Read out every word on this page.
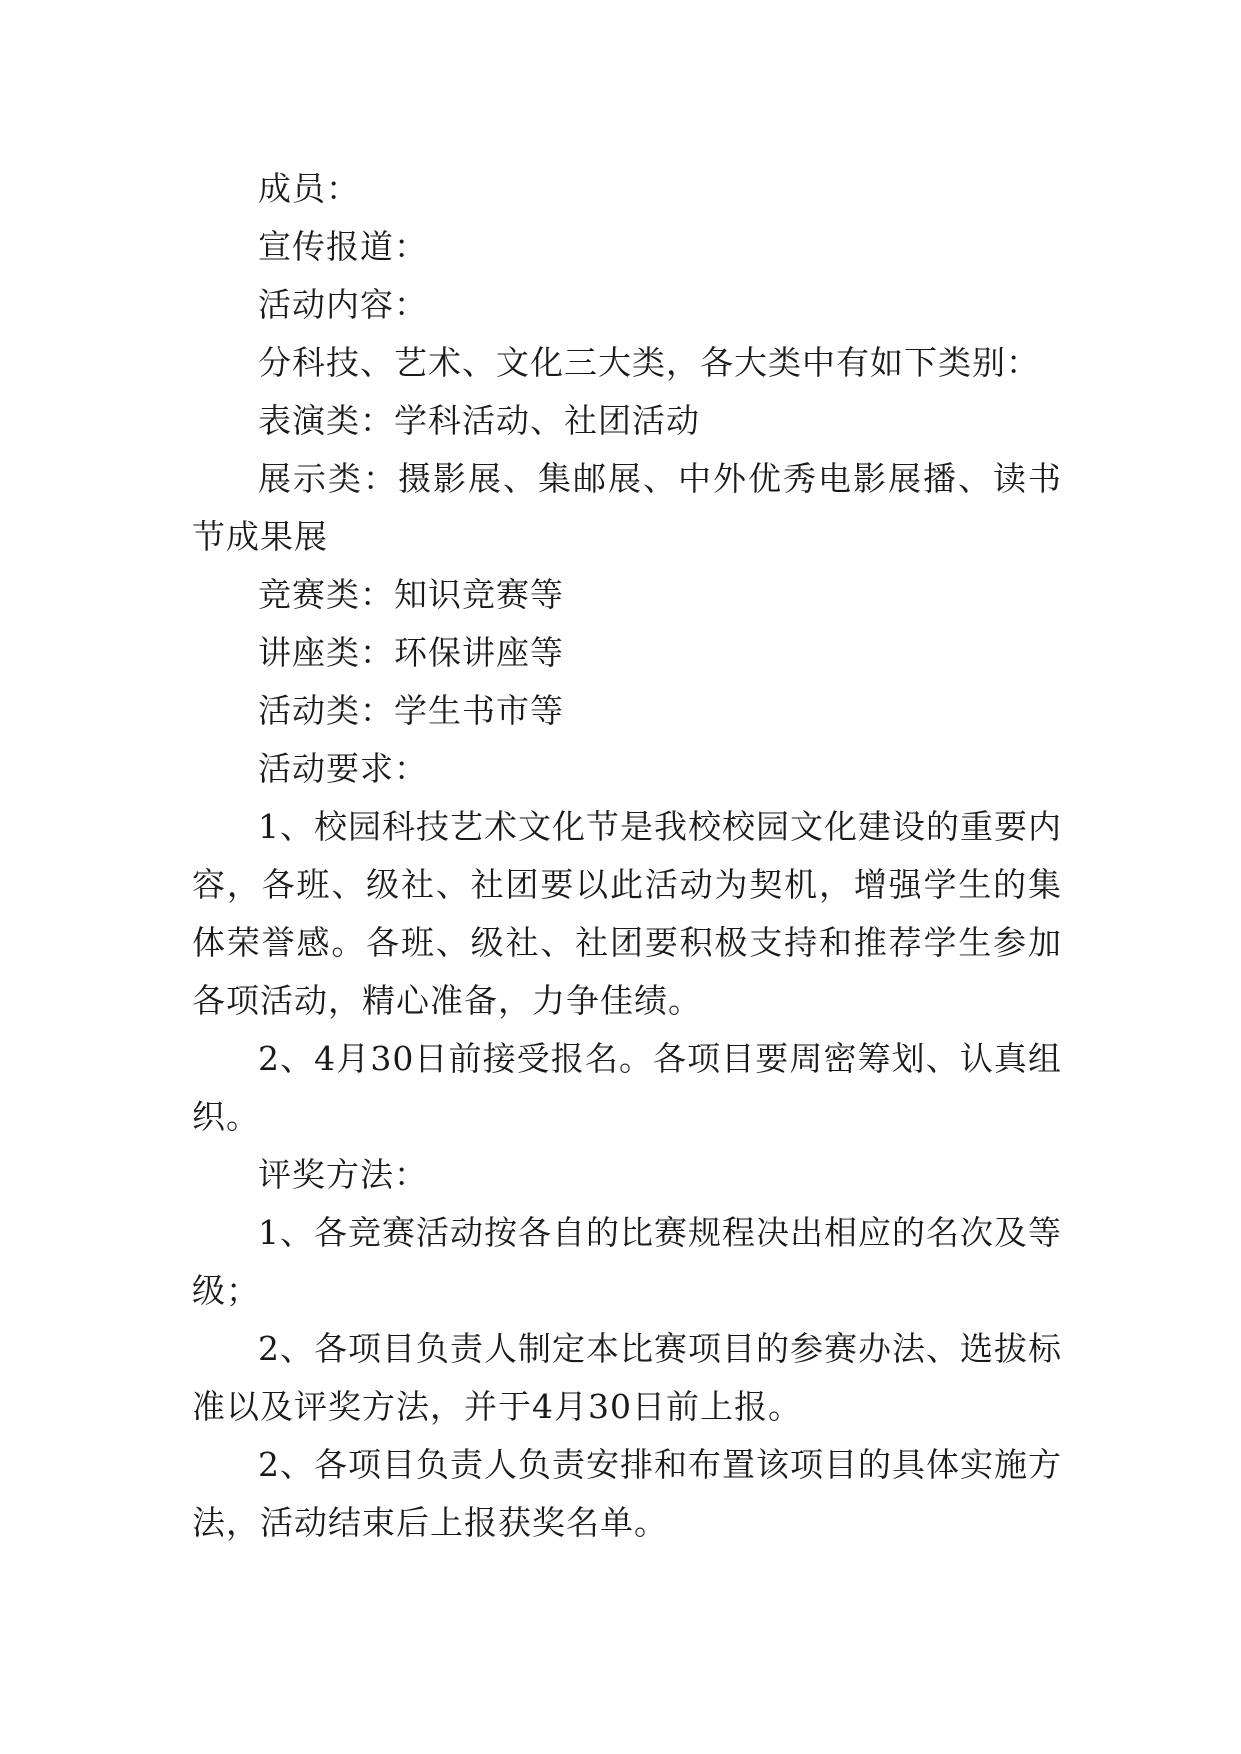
成员：

宣传报道：

活动内容：

分科技、艺术、文化三大类，各大类中有如下类别：

表演类：学科活动、社团活动

展示类：摄影展、集邮展、中外优秀电影展播、读书节成果展

竞赛类：知识竞赛等

讲座类：环保讲座等

活动类：学生书市等

活动要求：

1、校园科技艺术文化节是我校校园文化建设的重要内容，各班、级社、社团要以此活动为契机，增强学生的集体荣誉感。各班、级社、社团要积极支持和推荐学生参加各项活动，精心准备，力争佳绩。

2、4月30日前接受报名。各项目要周密筹划、认真组织。

评奖方法：

1、各竞赛活动按各自的比赛规程决出相应的名次及等级；

2、各项目负责人制定本比赛项目的参赛办法、选拔标准以及评奖方法，并于4月30日前上报。

2、各项目负责人负责安排和布置该项目的具体实施方法，活动结束后上报获奖名单。
